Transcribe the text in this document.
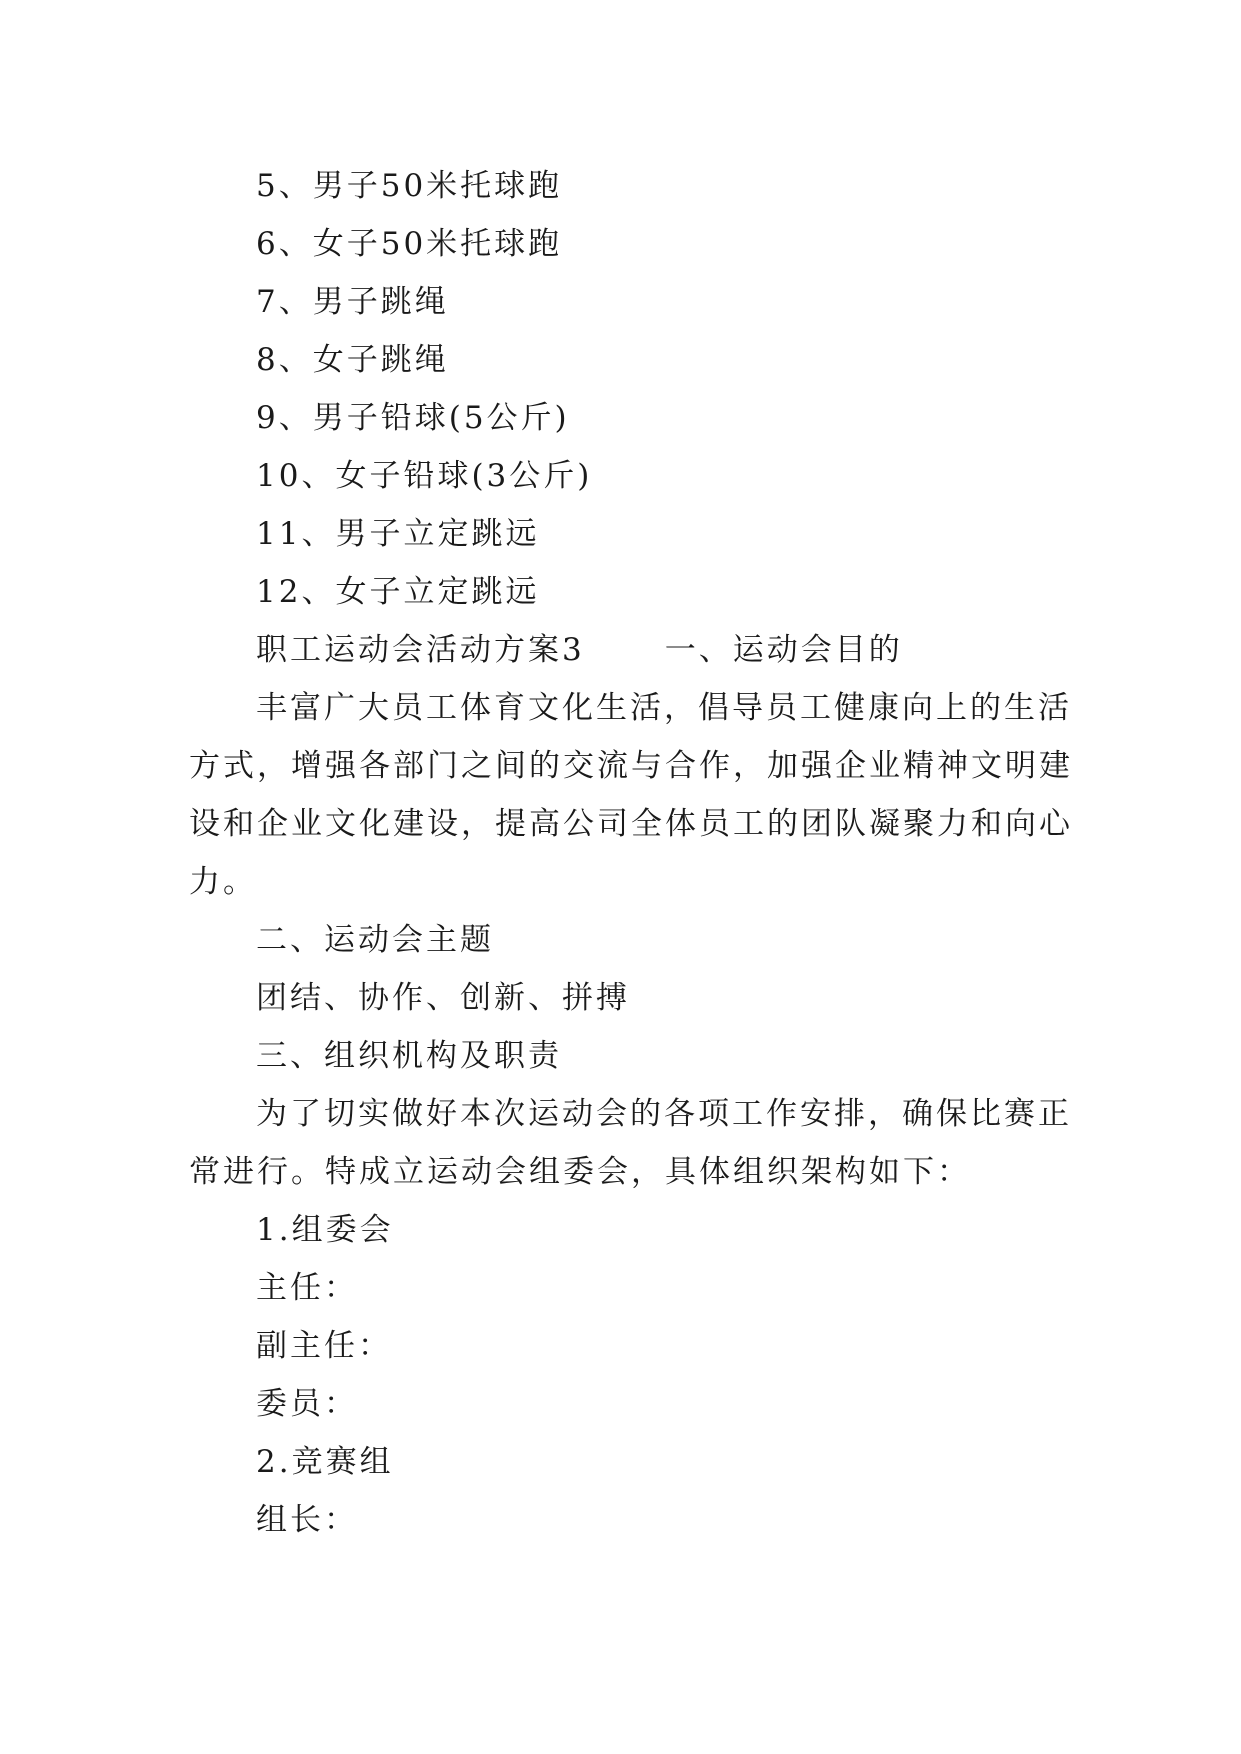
5、男子50米托球跑
6、女子50米托球跑
7、男子跳绳
8、女子跳绳
9、男子铅球(5公斤)
10、女子铅球(3公斤)
11、男子立定跳远
12、女子立定跳远
职工运动会活动方案3	一、运动会目的
丰富广大员工体育文化生活，倡导员工健康向上的生活
方式，增强各部门之间的交流与合作，加强企业精神文明建
设和企业文化建设，提高公司全体员工的团队凝聚力和向心
力。
二、运动会主题
团结、协作、创新、拼搏
三、组织机构及职责
为了切实做好本次运动会的各项工作安排，确保比赛正
常进行。特成立运动会组委会，具体组织架构如下：
1.组委会
主任：
副主任：
委员：
2.竞赛组
组长：
